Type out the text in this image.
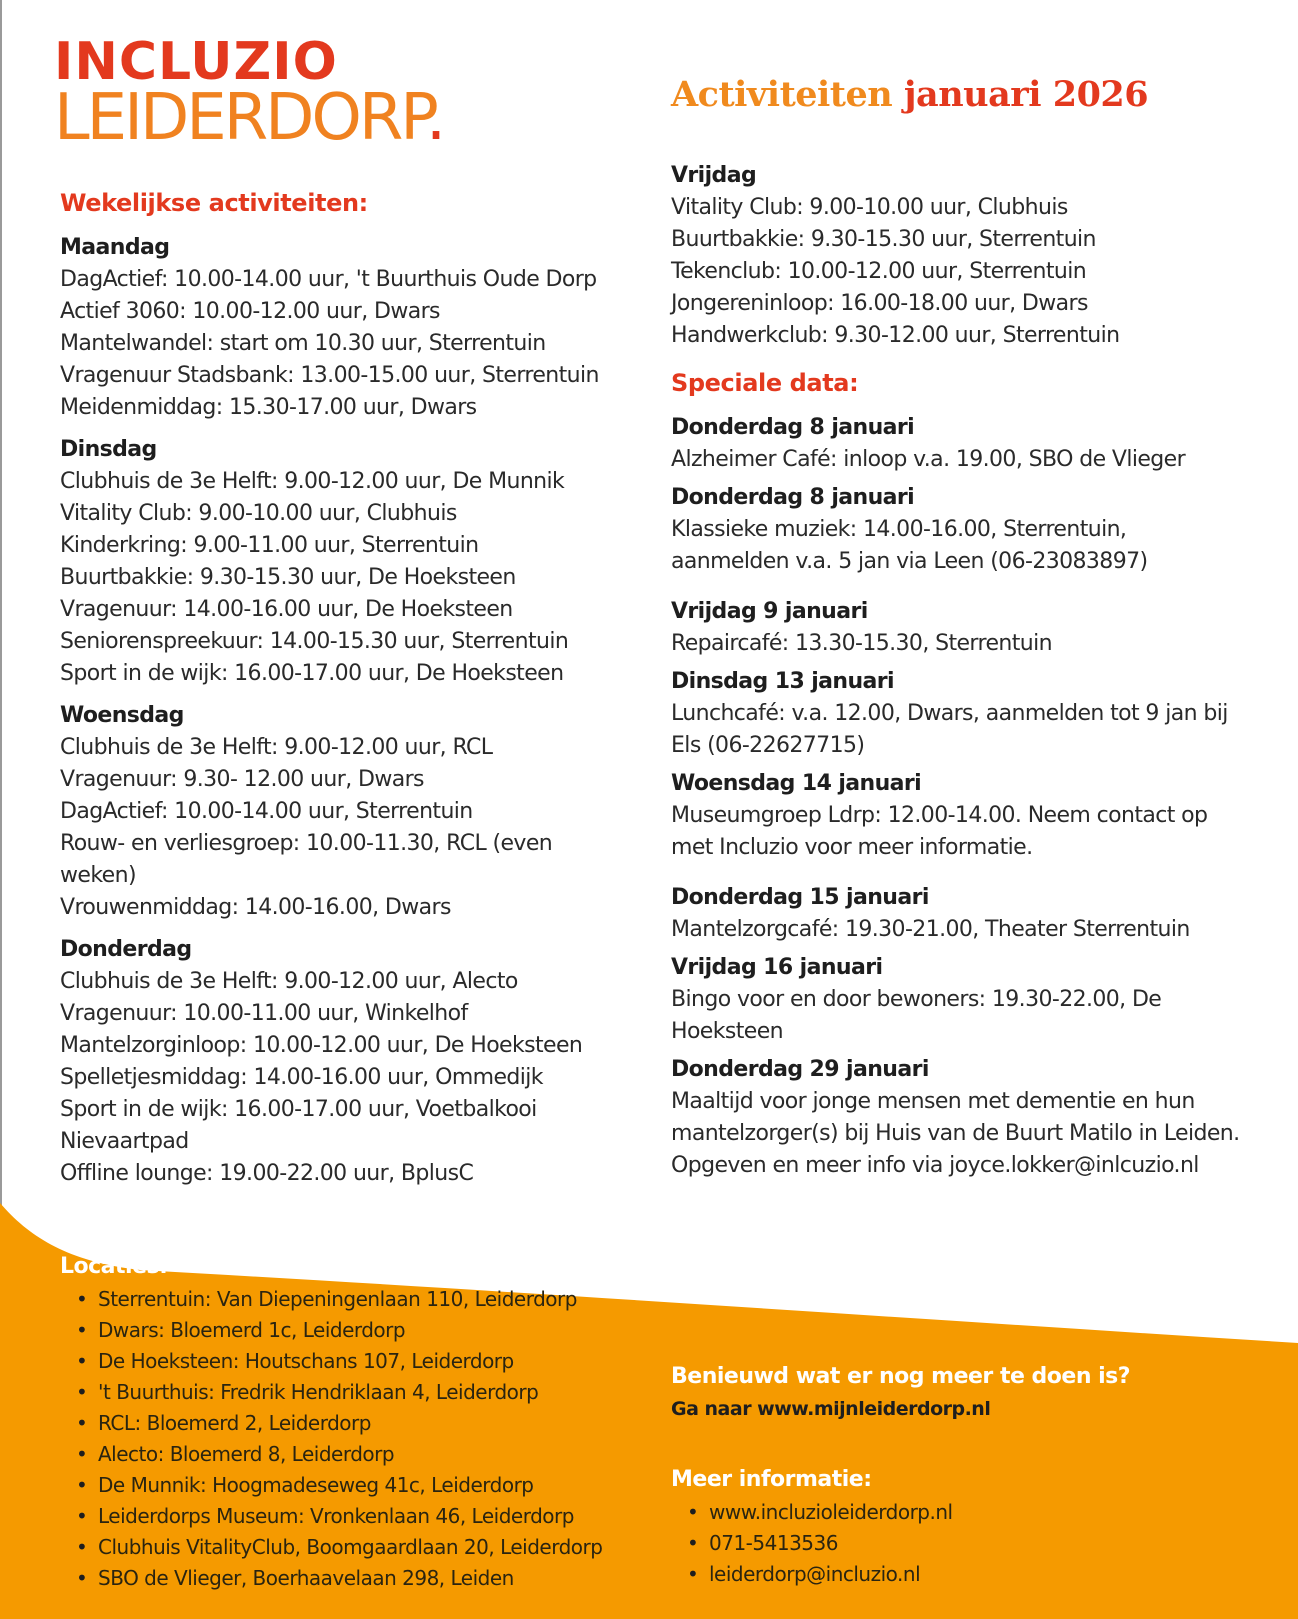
INCLUZIO
LEIDERDORP.	Activiteiten januari 2026
Wekelijkse activiteiten:
Maandag
DagActief: 10.00-14.00 uur, 't Buurthuis Oude Dorp
Actief 3060: 10.00-12.00 uur, Dwars
Mantelwandel: start om 10.30 uur, Sterrentuin
Vragenuur Stadsbank: 13.00-15.00 uur, Sterrentuin
Meidenmiddag: 15.30-17.00 uur, Dwars
Dinsdag
Clubhuis de 3e Helft: 9.00-12.00 uur, De Munnik
Vitality Club: 9.00-10.00 uur, Clubhuis
Kinderkring: 9.00-11.00 uur, Sterrentuin
Buurtbakkie: 9.30-15.30 uur, De Hoeksteen
Vragenuur: 14.00-16.00 uur, De Hoeksteen
Seniorenspreekuur: 14.00-15.30 uur, Sterrentuin
Sport in de wijk: 16.00-17.00 uur, De Hoeksteen
Woensdag
Clubhuis de 3e Helft: 9.00-12.00 uur, RCL
Vragenuur: 9.30- 12.00 uur, Dwars
DagActief: 10.00-14.00 uur, Sterrentuin
Rouw- en verliesgroep: 10.00-11.30, RCL (even weken)
Vrouwenmiddag: 14.00-16.00, Dwars
Donderdag
Clubhuis de 3e Helft: 9.00-12.00 uur, Alecto
Vragenuur: 10.00-11.00 uur, Winkelhof
Mantelzorginloop: 10.00-12.00 uur, De Hoeksteen
Spelletjesmiddag: 14.00-16.00 uur, Ommedijk
Sport in de wijk: 16.00-17.00 uur, Voetbalkooi Nievaartpad
Offline lounge: 19.00-22.00 uur, BplusC
Vrijdag
Vitality Club: 9.00-10.00 uur, Clubhuis
Buurtbakkie: 9.30-15.30 uur, Sterrentuin
Tekenclub: 10.00-12.00 uur, Sterrentuin
Jongereninloop: 16.00-18.00 uur, Dwars
Handwerkclub: 9.30-12.00 uur, Sterrentuin
Speciale data:
Donderdag 8 januari
Alzheimer Café: inloop v.a. 19.00, SBO de Vlieger
Donderdag 8 januari
Klassieke muziek: 14.00-16.00, Sterrentuin, aanmelden v.a. 5 jan via Leen (06-23083897)
Vrijdag 9 januari
Repaircafé: 13.30-15.30, Sterrentuin
Dinsdag 13 januari
Lunchcafé: v.a. 12.00, Dwars, aanmelden tot 9 jan bij Els (06-22627715)
Woensdag 14 januari
Museumgroep Ldrp: 12.00-14.00. Neem contact op met Incluzio voor meer informatie.
Donderdag 15 januari
Mantelzorgcafé: 19.30-21.00, Theater Sterrentuin
Vrijdag 16 januari
Bingo voor en door bewoners: 19.30-22.00, De Hoeksteen
Donderdag 29 januari
Maaltijd voor jonge mensen met dementie en hun mantelzorger(s) bij Huis van de Buurt Matilo in Leiden. Opgeven en meer info via joyce.lokker@inlcuzio.nl
Locaties:
• Sterrentuin: Van Diepeningenlaan 110, Leiderdorp
• Dwars: Bloemerd 1c, Leiderdorp
• De Hoeksteen: Houtschans 107, Leiderdorp
• 't Buurthuis: Fredrik Hendriklaan 4, Leiderdorp
• RCL: Bloemerd 2, Leiderdorp
• Alecto: Bloemerd 8, Leiderdorp
• De Munnik: Hoogmadeseweg 41c, Leiderdorp
• Leiderdorps Museum: Vronkenlaan 46, Leiderdorp
• Clubhuis VitalityClub, Boomgaardlaan 20, Leiderdorp
• SBO de Vlieger, Boerhaavelaan 298, Leiden
Benieuwd wat er nog meer te doen is?
Ga naar www.mijnleiderdorp.nl
Meer informatie:
• www.incluzioleiderdorp.nl
• 071-5413536
• leiderdorp@incluzio.nl
